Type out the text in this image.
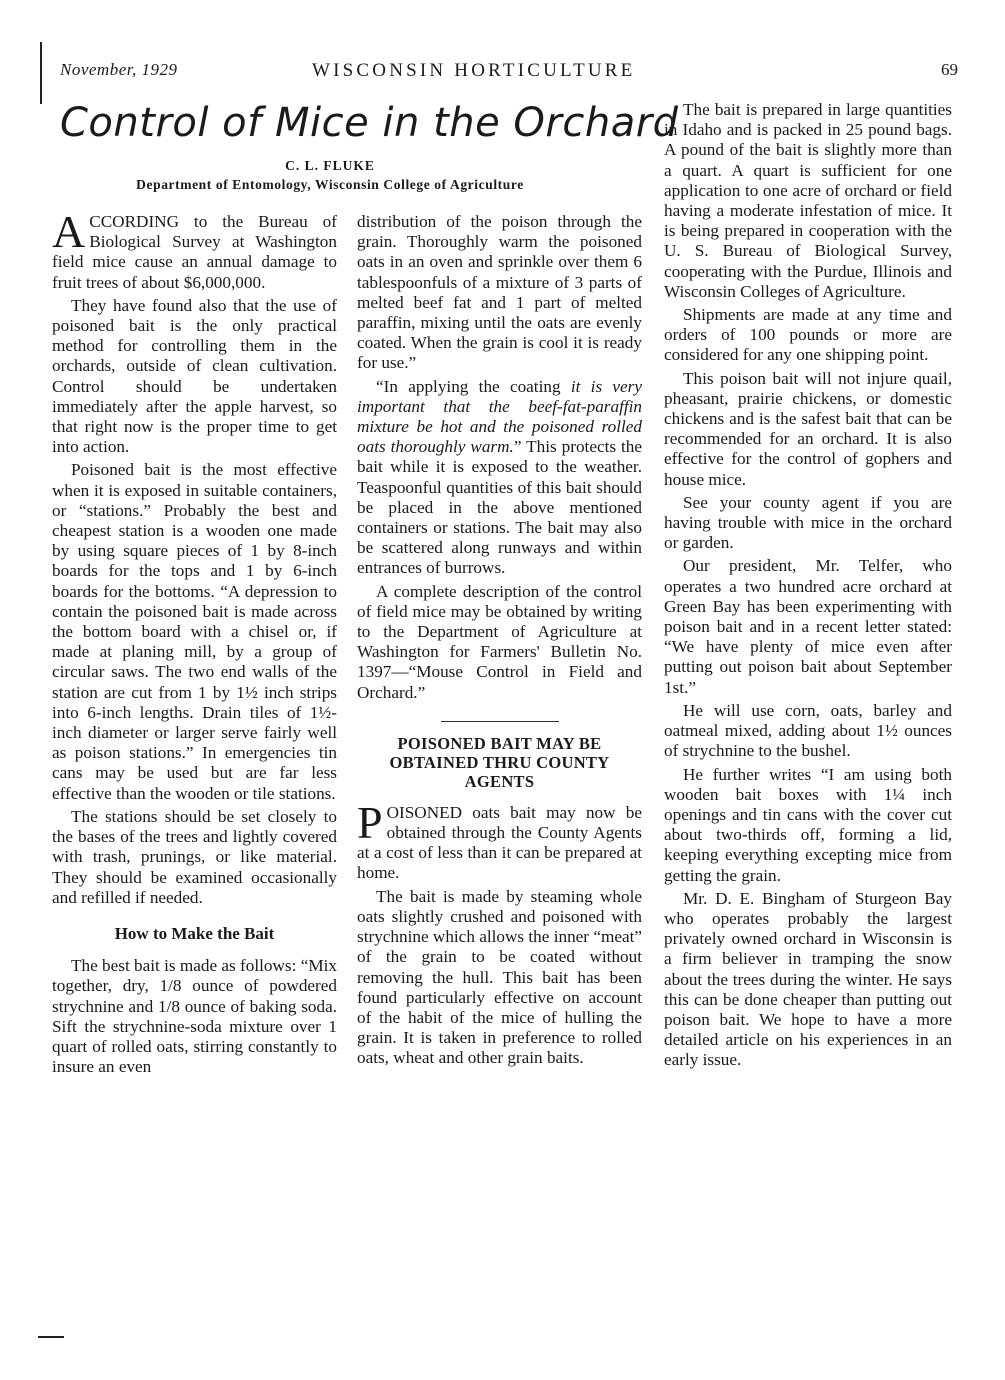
November, 1929	WISCONSIN HORTICULTURE	69
Control of Mice in the Orchard
C. L. FLUKE
Department of Entomology, Wisconsin College of Agriculture

ACCORDING to the Bureau of Biological Survey at Washington field mice cause an annual damage to fruit trees of about $6,000,000.

They have found also that the use of poisoned bait is the only practical method for controlling them in the orchards, outside of clean cultivation. Control should be undertaken immediately after the apple harvest, so that right now is the proper time to get into action.

Poisoned bait is the most effective when it is exposed in suitable containers, or “stations.” Probably the best and cheapest station is a wooden one made by using square pieces of 1 by 8-inch boards for the tops and 1 by 6-inch boards for the bottoms. “A depression to contain the poisoned bait is made across the bottom board with a chisel or, if made at planing mill, by a group of circular saws. The two end walls of the station are cut from 1 by 1½ inch strips into 6-inch lengths. Drain tiles of 1½-inch diameter or larger serve fairly well as poison stations.” In emergencies tin cans may be used but are far less effective than the wooden or tile stations.

The stations should be set closely to the bases of the trees and lightly covered with trash, prunings, or like material. They should be examined occasionally and refilled if needed.

How to Make the Bait

The best bait is made as follows: “Mix together, dry, 1/8 ounce of powdered strychnine and 1/8 ounce of baking soda. Sift the strychnine-soda mixture over 1 quart of rolled oats, stirring constantly to insure an even

distribution of the poison through the grain. Thoroughly warm the poisoned oats in an oven and sprinkle over them 6 tablespoonfuls of a mixture of 3 parts of melted beef fat and 1 part of melted paraffin, mixing until the oats are evenly coated. When the grain is cool it is ready for use.”

“In applying the coating it is very important that the beef-fat-paraffin mixture be hot and the poisoned rolled oats thoroughly warm.” This protects the bait while it is exposed to the weather. Teaspoonful quantities of this bait should be placed in the above mentioned containers or stations. The bait may also be scattered along runways and within entrances of burrows.

A complete description of the control of field mice may be obtained by writing to the Department of Agriculture at Washington for Farmers' Bulletin No. 1397—“Mouse Control in Field and Orchard.”

POISONED BAIT MAY BE OBTAINED THRU COUNTY AGENTS

POISONED oats bait may now be obtained through the County Agents at a cost of less than it can be prepared at home.

The bait is made by steaming whole oats slightly crushed and poisoned with strychnine which allows the inner “meat” of the grain to be coated without removing the hull. This bait has been found particularly effective on account of the habit of the mice of hulling the grain. It is taken in preference to rolled oats, wheat and other grain baits.

The bait is prepared in large quantities in Idaho and is packed in 25 pound bags. A pound of the bait is slightly more than a quart. A quart is sufficient for one application to one acre of orchard or field having a moderate infestation of mice. It is being prepared in cooperation with the U. S. Bureau of Biological Survey, cooperating with the Purdue, Illinois and Wisconsin Colleges of Agriculture.

Shipments are made at any time and orders of 100 pounds or more are considered for any one shipping point.

This poison bait will not injure quail, pheasant, prairie chickens, or domestic chickens and is the safest bait that can be recommended for an orchard. It is also effective for the control of gophers and house mice.

See your county agent if you are having trouble with mice in the orchard or garden.

Our president, Mr. Telfer, who operates a two hundred acre orchard at Green Bay has been experimenting with poison bait and in a recent letter stated: “We have plenty of mice even after putting out poison bait about September 1st.”

He will use corn, oats, barley and oatmeal mixed, adding about 1½ ounces of strychnine to the bushel.

He further writes “I am using both wooden bait boxes with 1¼ inch openings and tin cans with the cover cut about two-thirds off, forming a lid, keeping everything excepting mice from getting the grain.

Mr. D. E. Bingham of Sturgeon Bay who operates probably the largest privately owned orchard in Wisconsin is a firm believer in tramping the snow about the trees during the winter. He says this can be done cheaper than putting out poison bait. We hope to have a more detailed article on his experiences in an early issue.
